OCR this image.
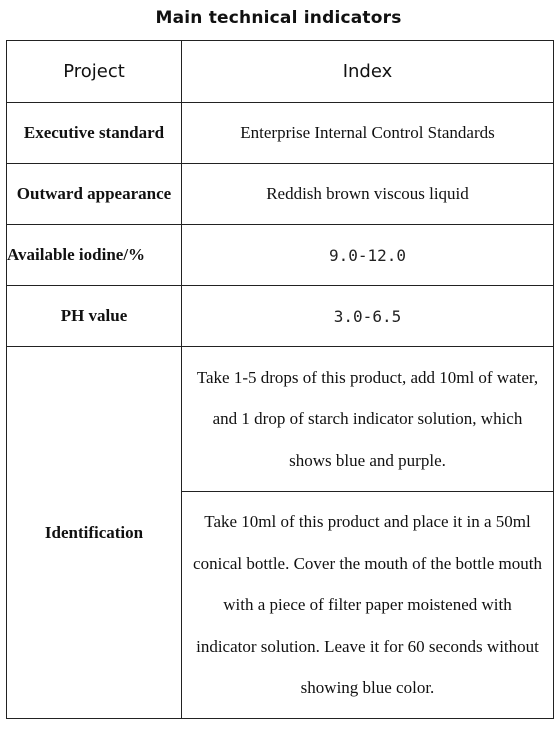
Main technical indicators
Project	Index
Executive standard	Enterprise Internal Control Standards
Outward appearance	Reddish brown viscous liquid
Available iodine/%	9.0-12.0
PH value	3.0-6.5
Identification	Take 1-5 drops of this product, add 10ml of water, and 1 drop of starch indicator solution, which shows blue and purple.
	Take 10ml of this product and place it in a 50ml conical bottle. Cover the mouth of the bottle mouth with a piece of filter paper moistened with indicator solution. Leave it for 60 seconds without showing blue color.
